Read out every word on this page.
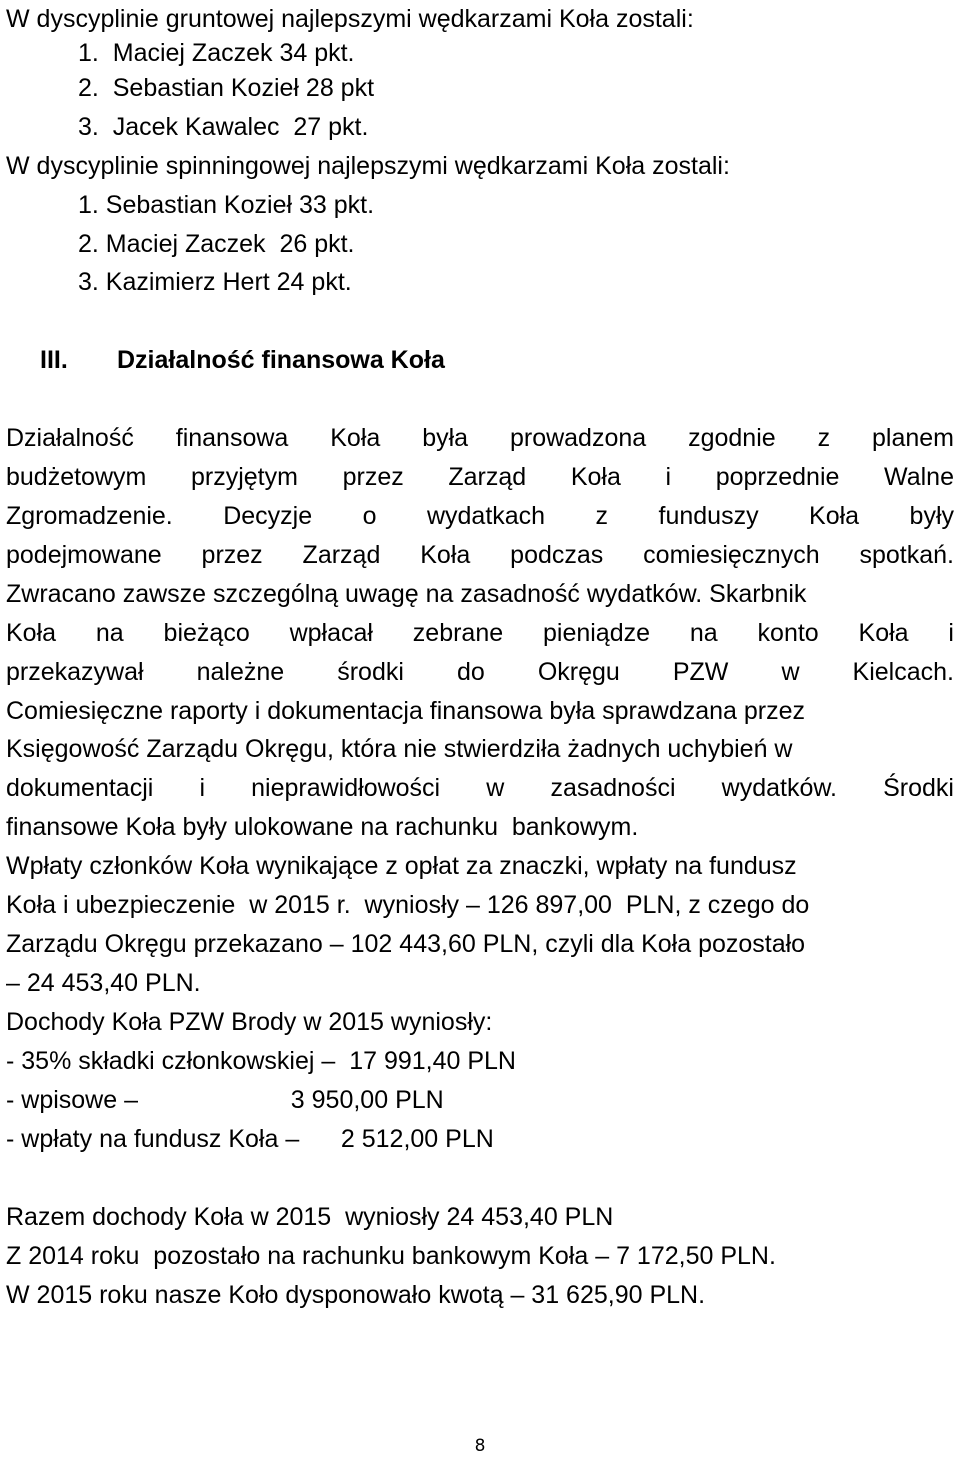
W dyscyplinie gruntowej najlepszymi wędkarzami Koła zostali:
1.  Maciej Zaczek 34 pkt.
2.  Sebastian Kozieł 28 pkt
3.  Jacek Kawalec  27 pkt.
W dyscyplinie spinningowej najlepszymi wędkarzami Koła zostali:
1. Sebastian Kozieł 33 pkt.
2. Maciej Zaczek  26 pkt.
3. Kazimierz Hert 24 pkt.
III. Działalność finansowa Koła
Działalność finansowa Koła była prowadzona zgodnie z planem
budżetowym przyjętym przez Zarząd Koła i poprzednie Walne
Zgromadzenie. Decyzje o wydatkach z funduszy Koła były
podejmowane przez Zarząd Koła podczas comiesięcznych spotkań.
Zwracano zawsze szczególną uwagę na zasadność wydatków. Skarbnik
Koła na bieżąco wpłacał zebrane pieniądze na konto Koła i
przekazywał należne środki do Okręgu PZW w Kielcach.
Comiesięczne raporty i dokumentacja finansowa była sprawdzana przez
Księgowość Zarządu Okręgu, która nie stwierdziła żadnych uchybień w
dokumentacji i nieprawidłowości w zasadności wydatków. Środki
finansowe Koła były ulokowane na rachunku  bankowym.
Wpłaty członków Koła wynikające z opłat za znaczki, wpłaty na fundusz
Koła i ubezpieczenie  w 2015 r.  wyniosły – 126 897,00  PLN, z czego do
Zarządu Okręgu przekazano – 102 443,60 PLN, czyli dla Koła pozostało
– 24 453,40 PLN.
Dochody Koła PZW Brody w 2015 wyniosły:
- 35% składki członkowskiej –  17 991,40 PLN
- wpisowe –                      3 950,00 PLN
- wpłaty na fundusz Koła –      2 512,00 PLN
Razem dochody Koła w 2015  wyniosły 24 453,40 PLN
Z 2014 roku  pozostało na rachunku bankowym Koła – 7 172,50 PLN.
W 2015 roku nasze Koło dysponowało kwotą – 31 625,90 PLN.
8
